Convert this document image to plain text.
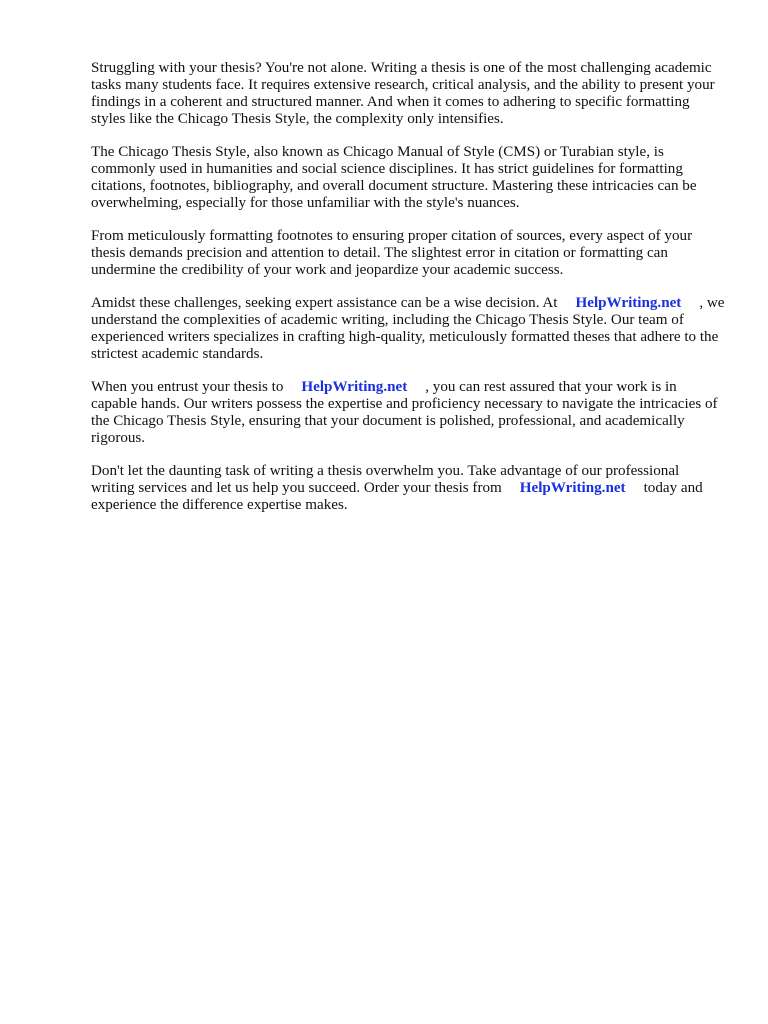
Struggling with your thesis? You're not alone. Writing a thesis is one of the most challenging academic tasks many students face. It requires extensive research, critical analysis, and the ability to present your findings in a coherent and structured manner. And when it comes to adhering to specific formatting styles like the Chicago Thesis Style, the complexity only intensifies.

The Chicago Thesis Style, also known as Chicago Manual of Style (CMS) or Turabian style, is commonly used in humanities and social science disciplines. It has strict guidelines for formatting citations, footnotes, bibliography, and overall document structure. Mastering these intricacies can be overwhelming, especially for those unfamiliar with the style's nuances.

From meticulously formatting footnotes to ensuring proper citation of sources, every aspect of your thesis demands precision and attention to detail. The slightest error in citation or formatting can undermine the credibility of your work and jeopardize your academic success.

Amidst these challenges, seeking expert assistance can be a wise decision. At HelpWriting.net , we understand the complexities of academic writing, including the Chicago Thesis Style. Our team of experienced writers specializes in crafting high-quality, meticulously formatted theses that adhere to the strictest academic standards.

When you entrust your thesis to HelpWriting.net , you can rest assured that your work is in capable hands. Our writers possess the expertise and proficiency necessary to navigate the intricacies of the Chicago Thesis Style, ensuring that your document is polished, professional, and academically rigorous.

Don't let the daunting task of writing a thesis overwhelm you. Take advantage of our professional writing services and let us help you succeed. Order your thesis from HelpWriting.net today and experience the difference expertise makes.
